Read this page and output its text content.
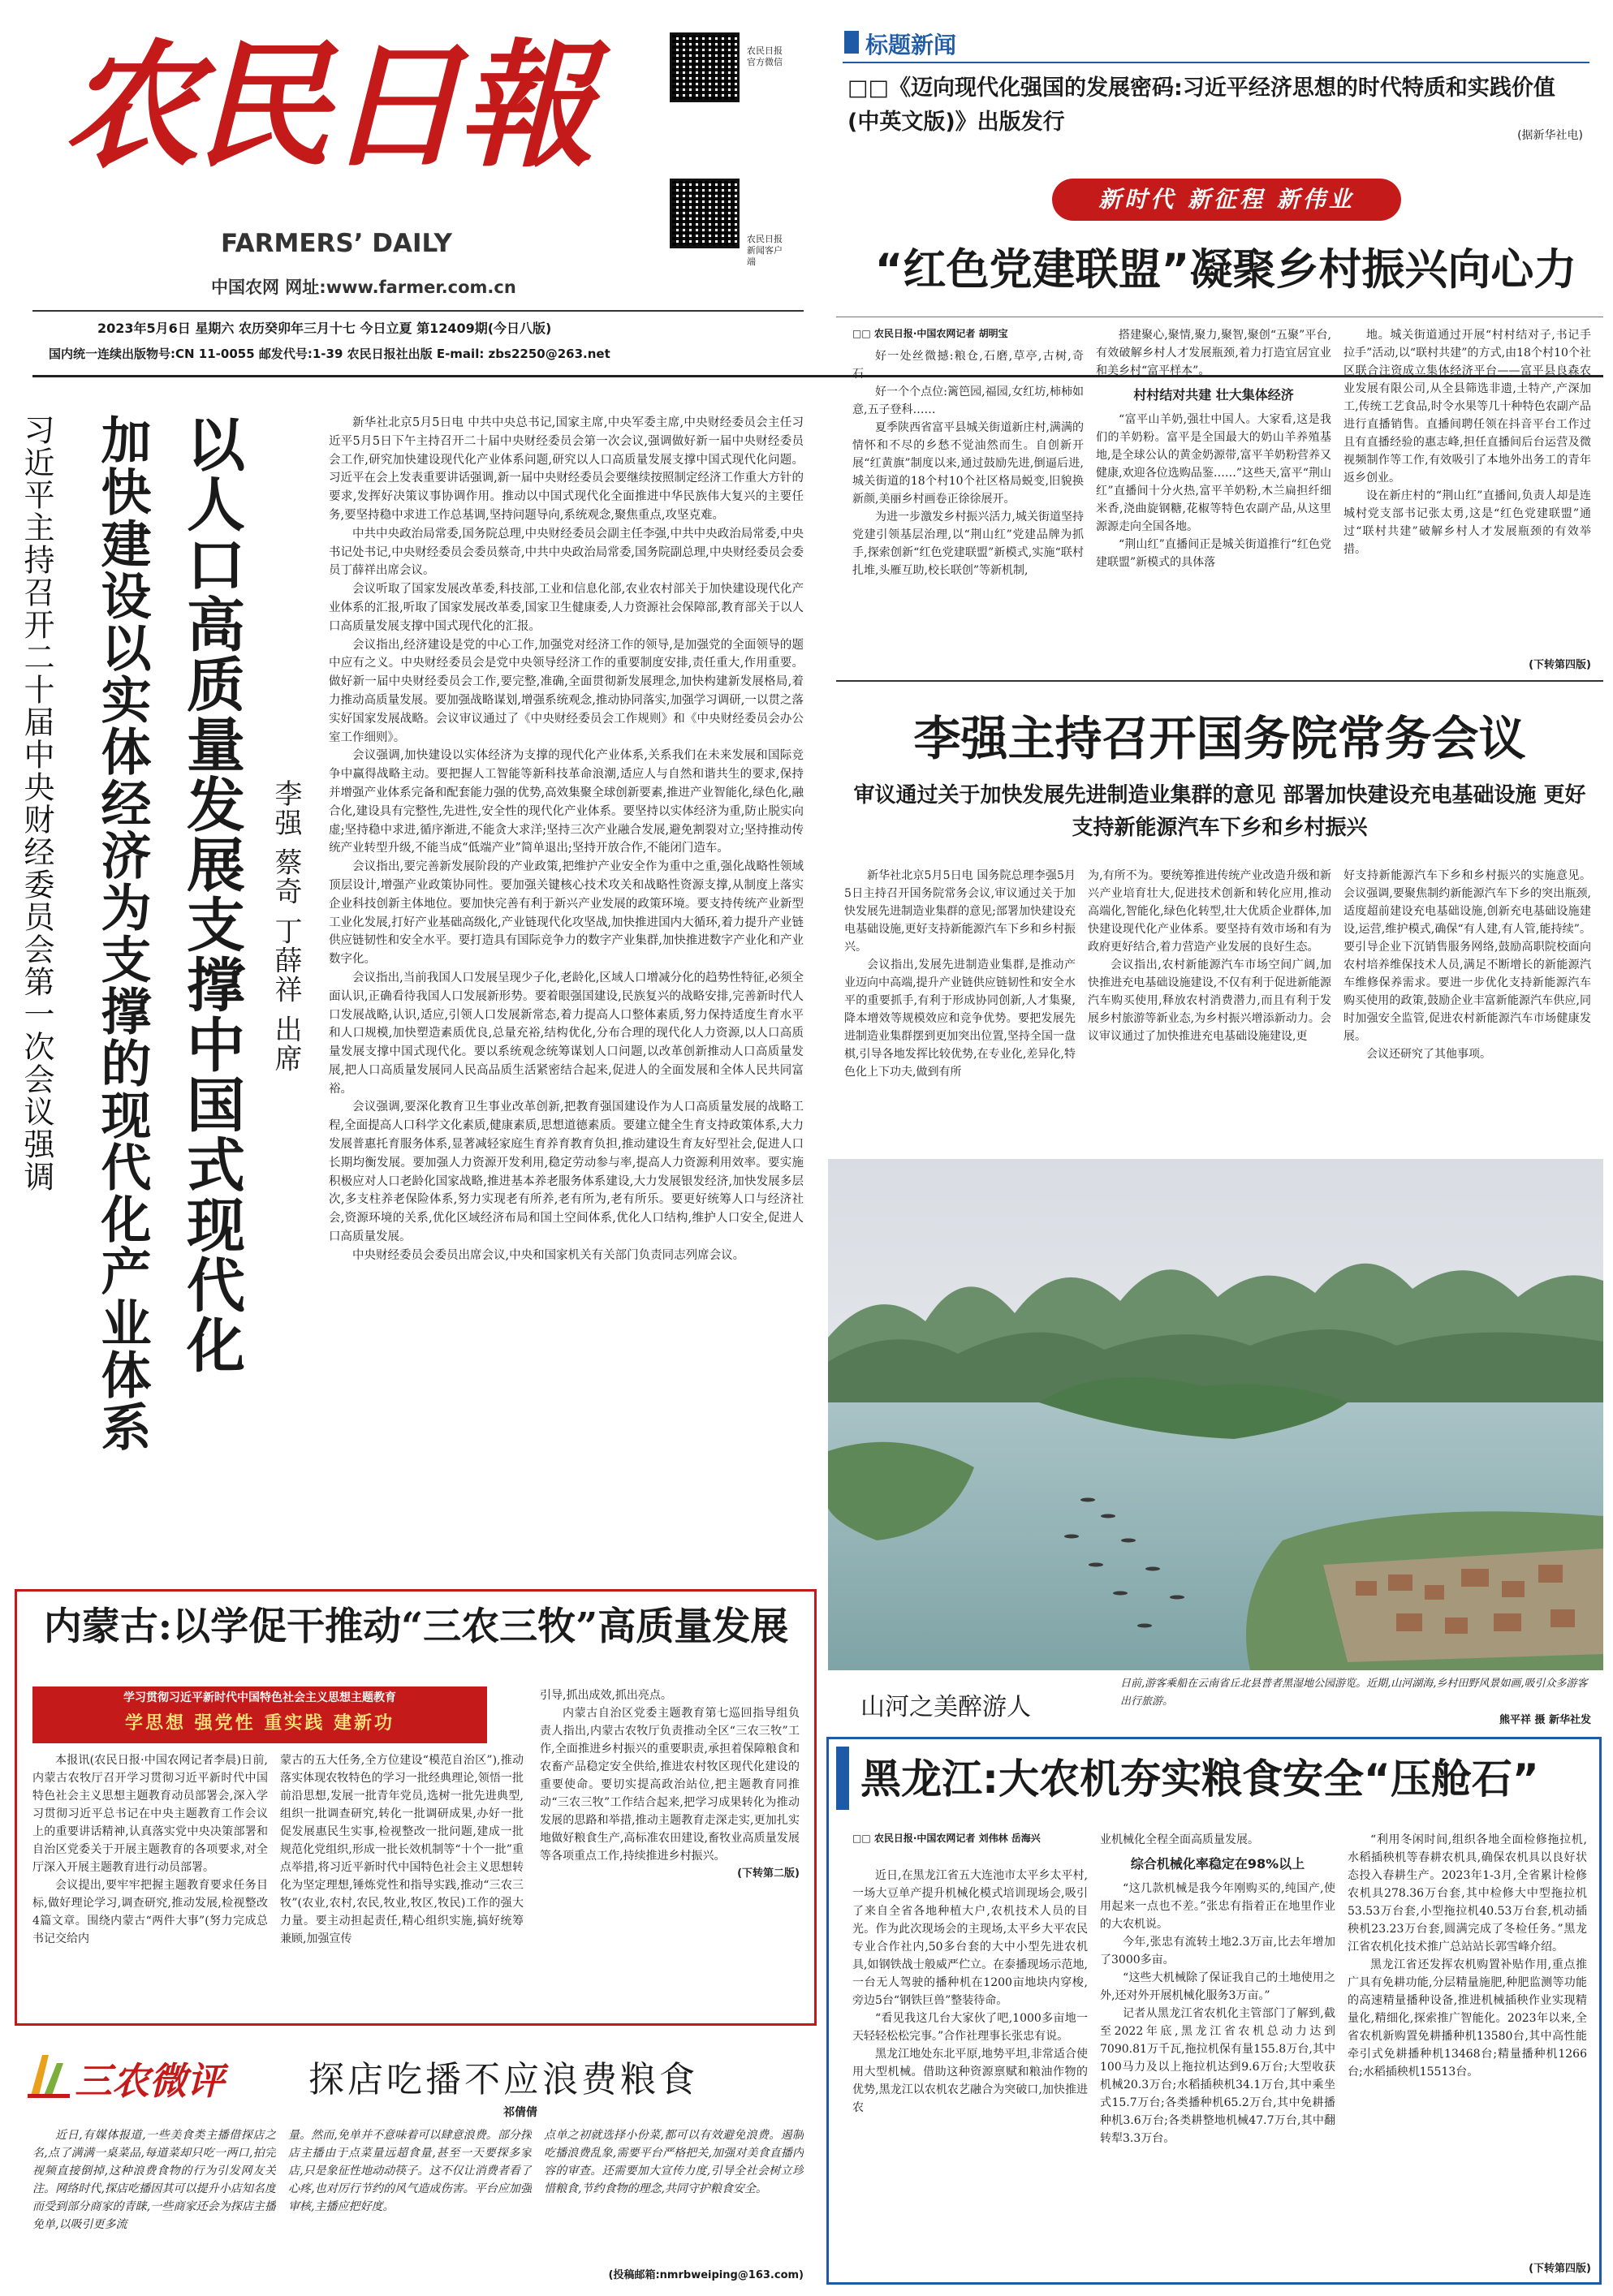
农民日報
FARMERS’ DAILY
中国农网 网址:www.farmer.com.cn
农民日报官方微信
农民日报新闻客户端
2023年5月6日 星期六 农历癸卯年三月十七 今日立夏 第12409期(今日八版)
国内统一连续出版物号:CN 11-0055 邮发代号:1-39 农民日报社出版 E-mail: zbs2250@263.net
标题新闻
□□《迈向现代化强国的发展密码:习近平经济思想的时代特质和实践价值(中英文版)》出版发行
(据新华社电)
新时代 新征程 新伟业
“红色党建联盟”凝聚乡村振兴向心力
□□ 农民日报·中国农网记者 胡明宝

好一处丝微撼:粮仓,石磨,草亭,古树,奇石……

好一个个点位:篱笆园,福园,女红坊,柿柿如意,五子登科……

夏季陕西省富平县城关街道新庄村,满满的情怀和不尽的乡愁不觉油然而生。自创新开展“红黄旗”制度以来,通过鼓励先进,倒逼后进,城关街道的18个村10个社区格局蜕变,旧貌换新颜,美丽乡村画卷正徐徐展开。

为进一步激发乡村振兴活力,城关街道坚持党建引领基层治理,以“荆山红”党建品牌为抓手,探索创新“红色党建联盟”新模式,实施“联村扎堆,头雁互助,校长联创”等新机制,

搭建聚心,聚情,聚力,聚智,聚创“五聚”平台,有效破解乡村人才发展瓶颈,着力打造宜居宜业和美乡村“富平样本”。

村村结对共建 壮大集体经济

“富平山羊奶,强壮中国人。大家看,这是我们的羊奶粉。富平是全国最大的奶山羊养殖基地,是全球公认的黄金奶源带,富平羊奶粉营养又健康,欢迎各位选购品鉴……”这些天,富平“荆山红”直播间十分火热,富平羊奶粉,木兰扁担纤细米香,浇曲旋钢糖,花椒等特色农副产品,从这里源源走向全国各地。

“荆山红”直播间正是城关街道推行“红色党建联盟”新模式的具体落

地。城关街道通过开展“村村结对子,书记手拉手”活动,以“联村共建”的方式,由18个村10个社区联合注资成立集体经济平台——富平县良森农业发展有限公司,从全县筛选非遗,土特产,产深加工,传统工艺食品,时令水果等几十种特色农副产品进行直播销售。直播间聘任领在抖音平台工作过且有直播经验的惠志峰,担任直播间后台运营及微视频制作等工作,有效吸引了本地外出务工的青年返乡创业。

设在新庄村的“荆山红”直播间,负责人却是连城村党支部书记张太勇,这是“红色党建联盟”通过“联村共建”破解乡村人才发展瓶颈的有效举措。

(下转第四版)
李强主持召开国务院常务会议
审议通过关于加快发展先进制造业集群的意见 部署加快建设充电基础设施 更好支持新能源汽车下乡和乡村振兴

新华社北京5月5日电 国务院总理李强5月5日主持召开国务院常务会议,审议通过关于加快发展先进制造业集群的意见;部署加快建设充电基础设施,更好支持新能源汽车下乡和乡村振兴。

会议指出,发展先进制造业集群,是推动产业迈向中高端,提升产业链供应链韧性和安全水平的重要抓手,有利于形成协同创新,人才集聚,降本增效等规模效应和竞争优势。要把发展先进制造业集群摆到更加突出位置,坚持全国一盘棋,引导各地发挥比较优势,在专业化,差异化,特色化上下功夫,做到有所

为,有所不为。要统筹推进传统产业改造升级和新兴产业培育壮大,促进技术创新和转化应用,推动高端化,智能化,绿色化转型,壮大优质企业群体,加快建设现代化产业体系。要坚持有效市场和有为政府更好结合,着力营造产业发展的良好生态。

会议指出,农村新能源汽车市场空间广阔,加快推进充电基础设施建设,不仅有利于促进新能源汽车购买使用,释放农村消费潜力,而且有利于发展乡村旅游等新业态,为乡村振兴增添新动力。会议审议通过了加快推进充电基础设施建设,更

好支持新能源汽车下乡和乡村振兴的实施意见。会议强调,要聚焦制约新能源汽车下乡的突出瓶颈,适度超前建设充电基础设施,创新充电基础设施建设,运营,维护模式,确保“有人建,有人管,能持续”。要引导企业下沉销售服务网络,鼓励高职院校面向农村培养维保技术人员,满足不断增长的新能源汽车维修保养需求。要进一步优化支持新能源汽车购买使用的政策,鼓励企业丰富新能源汽车供应,同时加强安全监管,促进农村新能源汽车市场健康发展。

会议还研究了其他事项。

山河之美醉游人
日前,游客乘船在云南省丘北县普者黑湿地公园游览。近期,山河湖海,乡村田野风景如画,吸引众多游客出行旅游。
熊平祥 摄 新华社发
黑龙江:大农机夯实粮食安全“压舱石”
□□ 农民日报·中国农网记者 刘伟林 岳海兴

近日,在黑龙江省五大连池市太平乡太平村,一场大豆单产提升机械化模式培训现场会,吸引了来自全省各地种植大户,农机技术人员的目光。作为此次现场会的主现场,太平乡大平农民专业合作社内,50多台套的大中小型先进农机具,如钢铁战士般威严伫立。在泰播现场示范地,一台无人驾驶的播种机在1200亩地块内穿梭,旁边5台“钢铁巨兽”整装待命。

“看见我这几台大家伙了吧,1000多亩地一天轻轻松松完事。”合作社理事长张忠有说。

黑龙江地处东北平原,地势平坦,非常适合使用大型机械。借助这种资源禀赋和粮油作物的优势,黑龙江以农机农艺融合为突破口,加快推进农

业机械化全程全面高质量发展。

综合机械化率稳定在98%以上

“这几款机械是我今年刚购买的,纯国产,使用起来一点也不差。”张忠有指着正在地里作业的大农机说。

今年,张忠有流转土地2.3万亩,比去年增加了3000多亩。

“这些大机械除了保证我自己的土地使用之外,还对外开展机械化服务3万亩。”

记者从黑龙江省农机化主管部门了解到,截至2022年底,黑龙江省农机总动力达到7090.81万千瓦,拖拉机保有量155.8万台,其中100马力及以上拖拉机达到9.6万台;大型收获机械20.3万台;水稻插秧机34.1万台,其中乘坐式15.7万台;各类播种机65.2万台,其中免耕播种机3.6万台;各类耕整地机械47.7万台,其中翻转犁3.3万台。

“利用冬闲时间,组织各地全面检修拖拉机,水稻插秧机等春耕农机具,确保农机具以良好状态投入春耕生产。2023年1-3月,全省累计检修农机具278.36万台套,其中检修大中型拖拉机53.53万台套,小型拖拉机40.53万台套,机动插秧机23.23万台套,圆满完成了冬检任务。”黑龙江省农机化技术推广总站站长郭雪峰介绍。

黑龙江省还发挥农机购置补贴作用,重点推广具有免耕功能,分层精量施肥,种肥监测等功能的高速精量播种设备,推进机械插秧作业实现精量化,精细化,探索推广智能化。2023年以来,全省农机新购置免耕播种机13580台,其中高性能牵引式免耕播种机13468台;精量播种机1266台;水稻插秧机15513台。

(下转第四版)
习近平主持召开二十届中央财经委员会第一次会议强调 加快建设以实体经济为支撑的现代化产业体系 以人口高质量发展支撑中国式现代化 李强 蔡奇 丁薛祥 出席

新华社北京5月5日电 中共中央总书记,国家主席,中央军委主席,中央财经委员会主任习近平5月5日下午主持召开二十届中央财经委员会第一次会议,强调做好新一届中央财经委员会工作,研究加快建设现代化产业体系问题,研究以人口高质量发展支撑中国式现代化问题。习近平在会上发表重要讲话强调,新一届中央财经委员会要继续按照制定经济工作重大方针的要求,发挥好决策议事协调作用。推动以中国式现代化全面推进中华民族伟大复兴的主要任务,要坚持稳中求进工作总基调,坚持问题导向,系统观念,聚焦重点,攻坚克难。

中共中央政治局常委,国务院总理,中央财经委员会副主任李强,中共中央政治局常委,中央书记处书记,中央财经委员会委员蔡奇,中共中央政治局常委,国务院副总理,中央财经委员会委员丁薛祥出席会议。

会议听取了国家发展改革委,科技部,工业和信息化部,农业农村部关于加快建设现代化产业体系的汇报,听取了国家发展改革委,国家卫生健康委,人力资源社会保障部,教育部关于以人口高质量发展支撑中国式现代化的汇报。

会议指出,经济建设是党的中心工作,加强党对经济工作的领导,是加强党的全面领导的题中应有之义。中央财经委员会是党中央领导经济工作的重要制度安排,责任重大,作用重要。做好新一届中央财经委员会工作,要完整,准确,全面贯彻新发展理念,加快构建新发展格局,着力推动高质量发展。要加强战略谋划,增强系统观念,推动协同落实,加强学习调研,一以贯之落实好国家发展战略。会议审议通过了《中央财经委员会工作规则》和《中央财经委员会办公室工作细则》。

会议强调,加快建设以实体经济为支撑的现代化产业体系,关系我们在未来发展和国际竞争中赢得战略主动。要把握人工智能等新科技革命浪潮,适应人与自然和谐共生的要求,保持并增强产业体系完备和配套能力强的优势,高效集聚全球创新要素,推进产业智能化,绿色化,融合化,建设具有完整性,先进性,安全性的现代化产业体系。要坚持以实体经济为重,防止脱实向虚;坚持稳中求进,循序渐进,不能贪大求洋;坚持三次产业融合发展,避免割裂对立;坚持推动传统产业转型升级,不能当成“低端产业”简单退出;坚持开放合作,不能闭门造车。

会议指出,要完善新发展阶段的产业政策,把维护产业安全作为重中之重,强化战略性领域顶层设计,增强产业政策协同性。要加强关键核心技术攻关和战略性资源支撑,从制度上落实企业科技创新主体地位。要加快完善有利于新兴产业发展的政策环境。要支持传统产业新型工业化发展,打好产业基础高级化,产业链现代化攻坚战,加快推进国内大循环,着力提升产业链供应链韧性和安全水平。要打造具有国际竞争力的数字产业集群,加快推进数字产业化和产业数字化。

会议指出,当前我国人口发展呈现少子化,老龄化,区域人口增减分化的趋势性特征,必须全面认识,正确看待我国人口发展新形势。要着眼强国建设,民族复兴的战略安排,完善新时代人口发展战略,认识,适应,引领人口发展新常态,着力提高人口整体素质,努力保持适度生育水平和人口规模,加快塑造素质优良,总量充裕,结构优化,分布合理的现代化人力资源,以人口高质量发展支撑中国式现代化。要以系统观念统筹谋划人口问题,以改革创新推动人口高质量发展,把人口高质量发展同人民高品质生活紧密结合起来,促进人的全面发展和全体人民共同富裕。

会议强调,要深化教育卫生事业改革创新,把教育强国建设作为人口高质量发展的战略工程,全面提高人口科学文化素质,健康素质,思想道德素质。要建立健全生育支持政策体系,大力发展普惠托育服务体系,显著减轻家庭生育养育教育负担,推动建设生育友好型社会,促进人口长期均衡发展。要加强人力资源开发利用,稳定劳动参与率,提高人力资源利用效率。要实施积极应对人口老龄化国家战略,推进基本养老服务体系建设,大力发展银发经济,加快发展多层次,多支柱养老保险体系,努力实现老有所养,老有所为,老有所乐。要更好统筹人口与经济社会,资源环境的关系,优化区域经济布局和国土空间体系,优化人口结构,维护人口安全,促进人口高质量发展。

中央财经委员会委员出席会议,中央和国家机关有关部门负责同志列席会议。

内蒙古:以学促干推动“三农三牧”高质量发展
学习贯彻习近平新时代中国特色社会主义思想主题教育
学思想 强党性 重实践 建新功

本报讯(农民日报·中国农网记者李晨)日前,内蒙古农牧厅召开学习贯彻习近平新时代中国特色社会主义思想主题教育动员部署会,深入学习贯彻习近平总书记在中央主题教育工作会议上的重要讲话精神,认真落实党中央决策部署和自治区党委关于开展主题教育的各项要求,对全厅深入开展主题教育进行动员部署。

会议提出,要牢牢把握主题教育要求任务目标,做好理论学习,调查研究,推动发展,检视整改4篇文章。围绕内蒙古“两件大事”(努力完成总书记交给内

蒙古的五大任务,全方位建设“模范自治区”),推动落实体现农牧特色的学习一批经典理论,领悟一批前沿思想,发展一批青年党员,选树一批先进典型,组织一批调查研究,转化一批调研成果,办好一批促发展惠民生实事,检视整改一批问题,建成一批规范化党组织,形成一批长效机制等“十个一批”重点举措,将习近平新时代中国特色社会主义思想转化为坚定理想,锤炼党性和指导实践,推动“三农三牧”(农业,农村,农民,牧业,牧区,牧民)工作的强大力量。要主动担起责任,精心组织实施,搞好统筹兼顾,加强宣传

引导,抓出成效,抓出亮点。

内蒙古自治区党委主题教育第七巡回指导组负责人指出,内蒙古农牧厅负责推动全区“三农三牧”工作,全面推进乡村振兴的重要职责,承担着保障粮食和农畜产品稳定安全供给,推进农村牧区现代化建设的重要使命。要切实提高政治站位,把主题教育同推动“三农三牧”工作结合起来,把学习成果转化为推动发展的思路和举措,推动主题教育走深走实,更加扎实地做好粮食生产,高标准农田建设,畜牧业高质量发展等各项重点工作,持续推进乡村振兴。

(下转第二版)
三农微评 探店吃播不应浪费粮食
祁倩倩

近日,有媒体报道,一些美食类主播借探店之名,点了满满一桌菜品,每道菜却只吃一两口,拍完视频直接倒掉,这种浪费食物的行为引发网友关注。网络时代,探店吃播因其可以提升小店知名度而受到部分商家的青睐,一些商家还会为探店主播免单,以吸引更多流

量。然而,免单并不意味着可以肆意浪费。部分探店主播由于点菜量远超食量,甚至一天要探多家店,只是象征性地动动筷子。这不仅让消费者看了心疼,也对厉行节约的风气造成伤害。平台应加强审核,主播应把好度。

点单之初就选择小份菜,都可以有效避免浪费。遏制吃播浪费乱象,需要平台严格把关,加强对美食直播内容的审查。还需要加大宣传力度,引导全社会树立珍惜粮食,节约食物的理念,共同守护粮食安全。

(投稿邮箱:nmrbweiping@163.com)
